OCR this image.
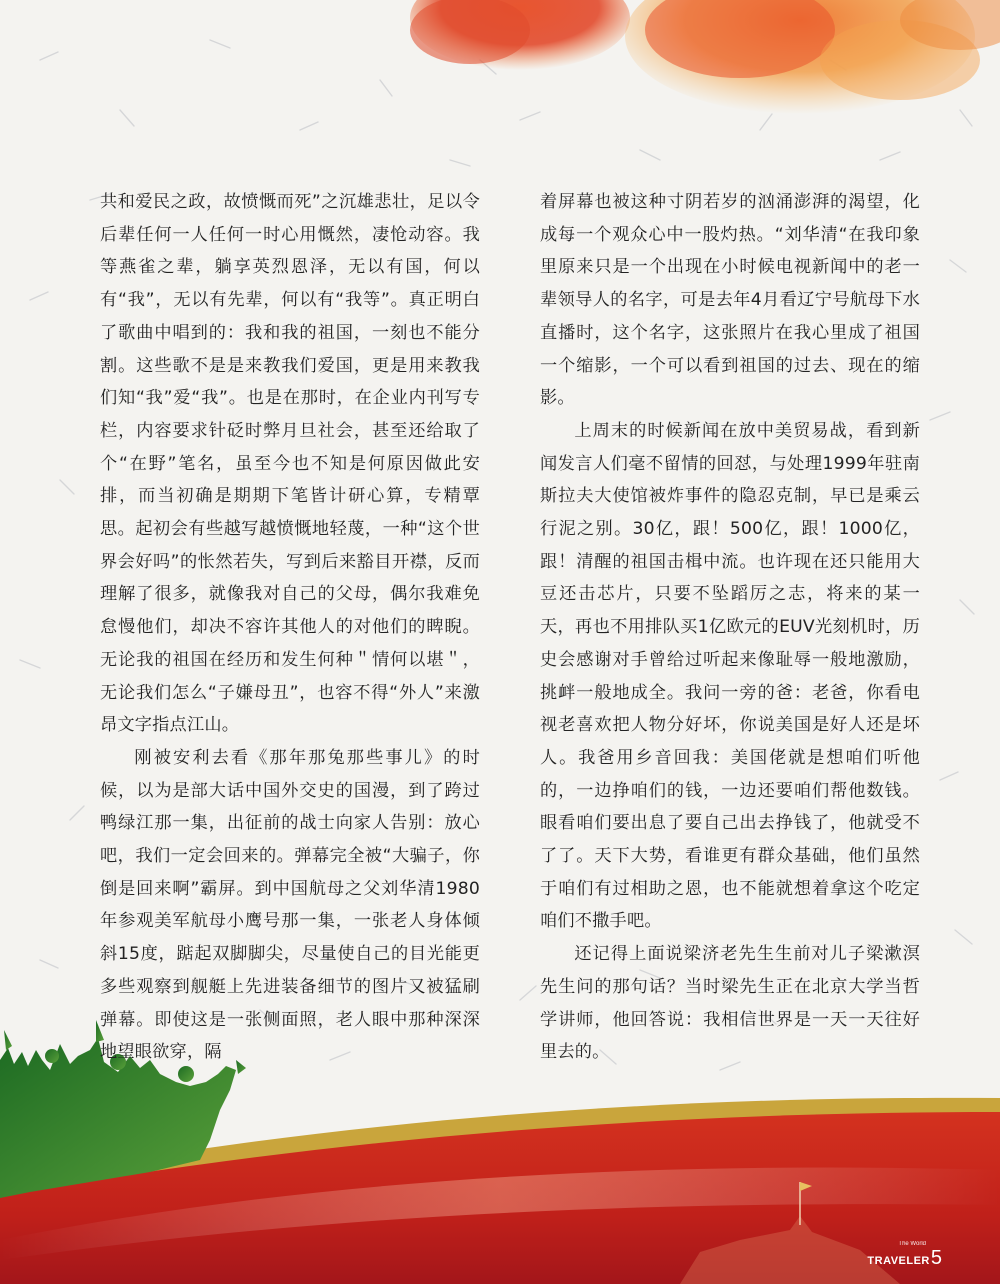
共和爱民之政，故愤慨而死”之沉雄悲壮，足以令后辈任何一人任何一时心用慨然，凄怆动容。我等燕雀之辈，躺享英烈恩泽，无以有国，何以有“我”，无以有先辈，何以有“我等”。真正明白了歌曲中唱到的：我和我的祖国，一刻也不能分割。这些歌不是是来教我们爱国，更是用来教我们知“我”爱“我”。也是在那时，在企业内刊写专栏，内容要求针砭时弊月旦社会，甚至还给取了个“在野”笔名，虽至今也不知是何原因做此安排，而当初确是期期下笔皆计研心算，专精覃思。起初会有些越写越愤慨地轻蔑，一种“这个世界会好吗”的怅然若失，写到后来豁目开襟，反而理解了很多，就像我对自己的父母，偶尔我难免怠慢他们，却决不容许其他人的对他们的睥睨。无论我的祖国在经历和发生何种＂情何以堪＂，无论我们怎么“子嫌母丑”，也容不得“外人”来激昂文字指点江山。

刚被安利去看《那年那兔那些事儿》的时候，以为是部大话中国外交史的国漫，到了跨过鸭绿江那一集，出征前的战士向家人告别：放心吧，我们一定会回来的。弹幕完全被“大骗子，你倒是回来啊”霸屏。到中国航母之父刘华清1980年参观美军航母小鹰号那一集，一张老人身体倾斜15度，踮起双脚脚尖，尽量使自己的目光能更多些观察到舰艇上先进装备细节的图片又被猛刷弹幕。即使这是一张侧面照，老人眼中那种深深地望眼欲穿，隔

着屏幕也被这种寸阴若岁的汹涌澎湃的渴望，化成每一个观众心中一股灼热。“刘华清“在我印象里原来只是一个出现在小时候电视新闻中的老一辈领导人的名字，可是去年4月看辽宁号航母下水直播时，这个名字，这张照片在我心里成了祖国一个缩影，一个可以看到祖国的过去、现在的缩影。

上周末的时候新闻在放中美贸易战，看到新闻发言人们毫不留情的回怼，与处理1999年驻南斯拉夫大使馆被炸事件的隐忍克制，早已是乘云行泥之别。30亿，跟！500亿，跟！1000亿，跟！清醒的祖国击楫中流。也许现在还只能用大豆还击芯片，只要不坠蹈厉之志，将来的某一天，再也不用排队买1亿欧元的EUV光刻机时，历史会感谢对手曾给过听起来像耻辱一般地激励，挑衅一般地成全。我问一旁的爸：老爸，你看电视老喜欢把人物分好坏，你说美国是好人还是坏人。我爸用乡音回我：美国佬就是想咱们听他的，一边挣咱们的钱，一边还要咱们帮他数钱。眼看咱们要出息了要自己出去挣钱了，他就受不了了。天下大势，看谁更有群众基础，他们虽然于咱们有过相助之恩，也不能就想着拿这个吃定咱们不撒手吧。

还记得上面说梁济老先生生前对儿子梁漱溟先生问的那句话？当时梁先生正在北京大学当哲学讲师，他回答说：我相信世界是一天一天往好里去的。

The World
TRAVELER5
